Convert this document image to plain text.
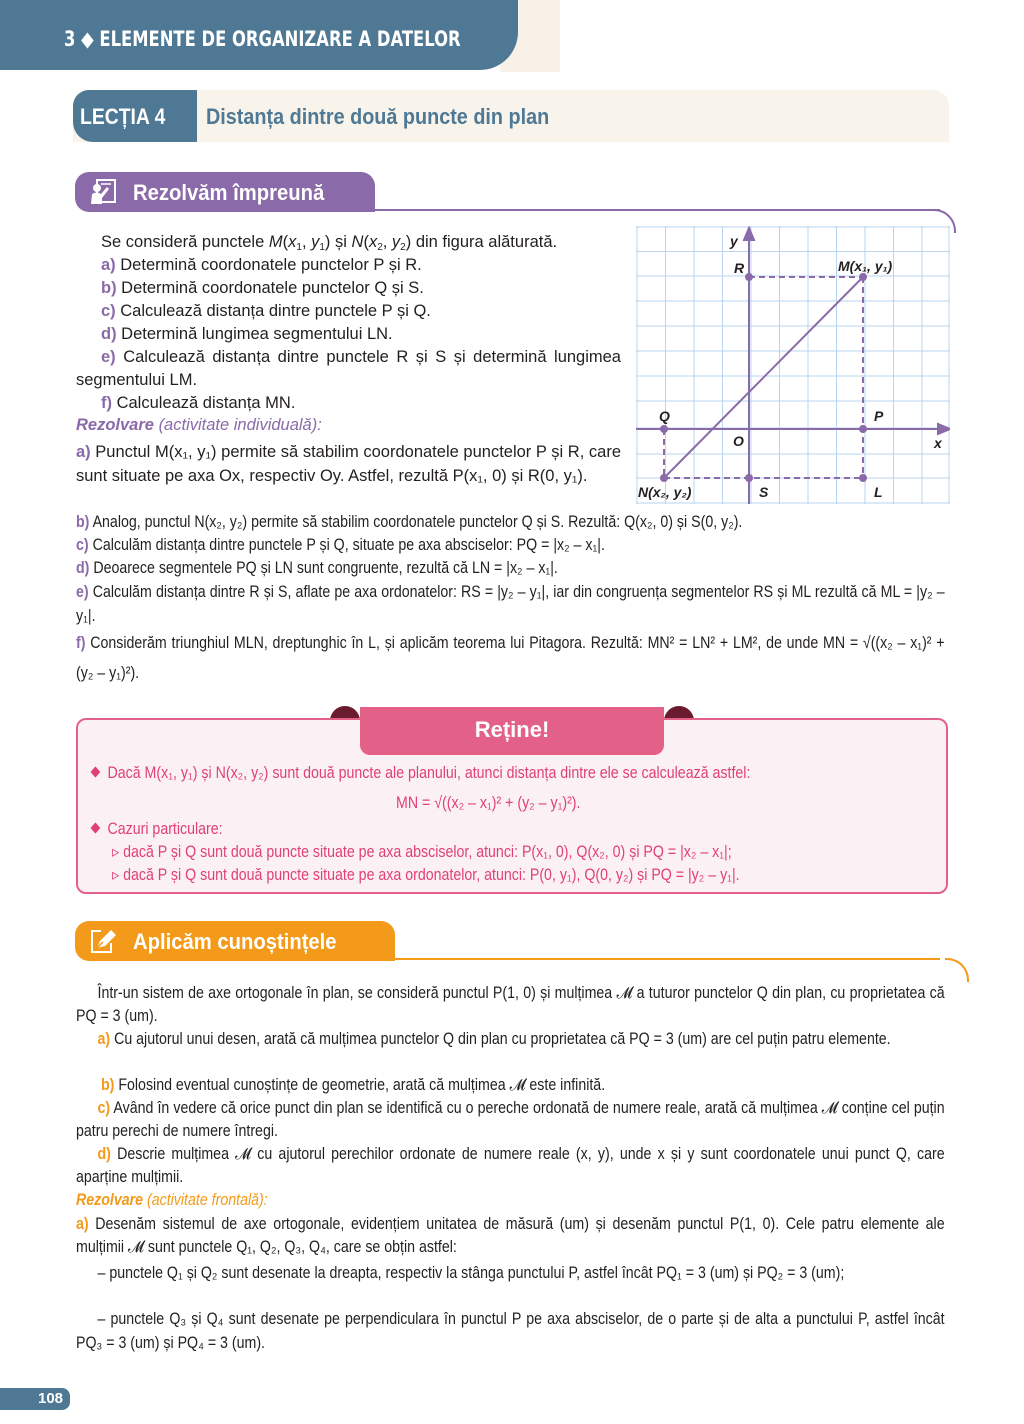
3 ◆ ELEMENTE DE ORGANIZARE A DATELOR
LECȚIA 4 Distanța dintre două puncte din plan
Rezolvăm împreună
Se consideră punctele $M(x_1$, $y_1$) și $N(x_2$, $y_2$) din figura alăturată.
a) Determină coordonatele punctelor P și R.
b) Determină coordonatele punctelor Q și S.
c) Calculează distanța dintre punctele P și Q.
d) Determină lungimea segmentului LN.
e) Calculează distanța dintre punctele R și S și determină lungimea segmentului LM.
f) Calculează distanța MN.
Rezolvare (activitate individuală):
a) Punctul M(x₁, y₁) permite să stabilim coordonatele punctelor P și R, care sunt situate pe axa Ox, respectiv Oy. Astfel, rezultă P(x₁, 0) și R(0, y₁).
b) Analog, punctul N(x₂, y₂) permite să stabilim coordonatele punctelor Q și S. Rezultă: Q(x₂, 0) și S(0, y₂).
c) Calculăm distanța dintre punctele P și Q, situate pe axa absciselor: PQ = |x₂ – x₁|.
d) Deoarece segmentele PQ și LN sunt congruente, rezultă că LN = |x₂ – x₁|.
e) Calculăm distanța dintre R și S, aflate pe axa ordonatelor: RS = |y₂ – y₁|, iar din congruența segmentelor RS și ML rezultă că ML = |y₂ – y₁|.
f) Considerăm triunghiul MLN, dreptunghic în L, și aplicăm teorema lui Pitagora. Rezultă: MN² = LN² + LM², de unde MN = √((x₂ – x₁)² + (y₂ – y₁)²).
y
x
O
R	M(x₁, y₁)
Q	P
N(x₂, y₂)	S	L
Reține!
Dacă M(x₁, y₁) și N(x₂, y₂) sunt două puncte ale planului, atunci distanța dintre ele se calculează astfel:
MN = √((x₂ – x₁)² + (y₂ – y₁)²).
Cazuri particulare:
▹ dacă P și Q sunt două puncte situate pe axa absciselor, atunci: P(x₁, 0), Q(x₂, 0) și PQ = |x₂ – x₁|;
▹ dacă P și Q sunt două puncte situate pe axa ordonatelor, atunci: P(0, y₁), Q(0, y₂) și PQ = |y₂ – y₁|.
Aplicăm cunoștințele
Într-un sistem de axe ortogonale în plan, se consideră punctul P(1, 0) și mulțimea 𝓜 a tuturor punctelor Q din plan, cu proprietatea că PQ = 3 (um).
a) Cu ajutorul unui desen, arată că mulțimea punctelor Q din plan cu proprietatea că PQ = 3 (um) are cel puțin patru elemente.
b) Folosind eventual cunoștințe de geometrie, arată că mulțimea 𝓜 este infinită.
c) Având în vedere că orice punct din plan se identifică cu o pereche ordonată de numere reale, arată că mulțimea 𝓜 conține cel puțin patru perechi de numere întregi.
d) Descrie mulțimea 𝓜 cu ajutorul perechilor ordonate de numere reale (x, y), unde x și y sunt coordonatele unui punct Q, care aparține mulțimii.
Rezolvare (activitate frontală):
a) Desenăm sistemul de axe ortogonale, evidențiem unitatea de măsură (um) și desenăm punctul P(1, 0). Cele patru elemente ale mulțimii 𝓜 sunt punctele Q₁, Q₂, Q₃, Q₄, care se obțin astfel:
– punctele Q₁ și Q₂ sunt desenate la dreapta, respectiv la stânga punctului P, astfel încât PQ₁ = 3 (um) și PQ₂ = 3 (um);
– punctele Q₃ și Q₄ sunt desenate pe perpendiculara în punctul P pe axa absciselor, de o parte și de alta a punctului P, astfel încât PQ₃ = 3 (um) și PQ₄ = 3 (um).
108
